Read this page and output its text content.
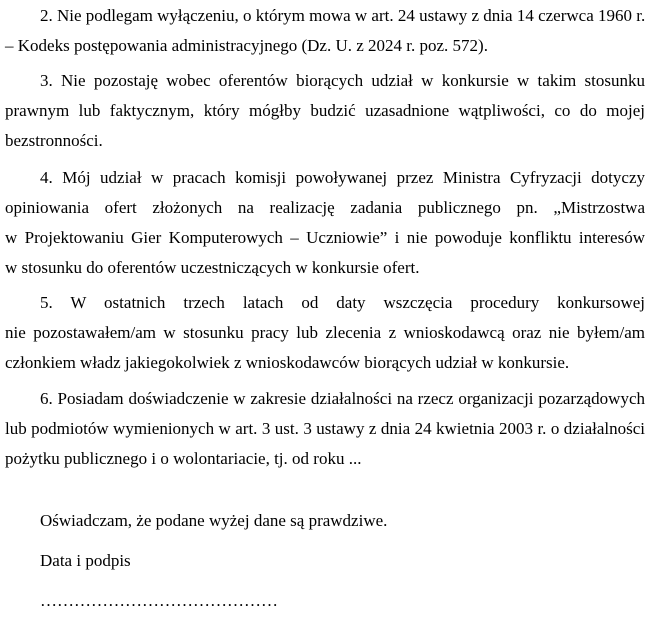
2. Nie podlegam wyłączeniu, o którym mowa w art. 24 ustawy z dnia 14 czerwca 1960 r.
– Kodeks postępowania administracyjnego (Dz. U. z 2024 r. poz. 572).
3. Nie pozostaję wobec oferentów biorących udział w konkursie w takim stosunku
prawnym lub faktycznym, który mógłby budzić uzasadnione wątpliwości, co do mojej
bezstronności.
4. Mój udział w pracach komisji powoływanej przez Ministra Cyfryzacji dotyczy
opiniowania ofert złożonych na realizację zadania publicznego pn. „Mistrzostwa
w Projektowaniu Gier Komputerowych – Uczniowie” i nie powoduje konfliktu interesów
w stosunku do oferentów uczestniczących w konkursie ofert.
5. W ostatnich trzech latach od daty wszczęcia procedury konkursowej
nie pozostawałem/am w stosunku pracy lub zlecenia z wnioskodawcą oraz nie byłem/am
członkiem władz jakiegokolwiek z wnioskodawców biorących udział w konkursie.
6. Posiadam doświadczenie w zakresie działalności na rzecz organizacji pozarządowych
lub podmiotów wymienionych w art. 3 ust. 3 ustawy z dnia 24 kwietnia 2003 r. o działalności
pożytku publicznego i o wolontariacie, tj. od roku ...

Oświadczam, że podane wyżej dane są prawdziwe.

Data i podpis

……………………………………
